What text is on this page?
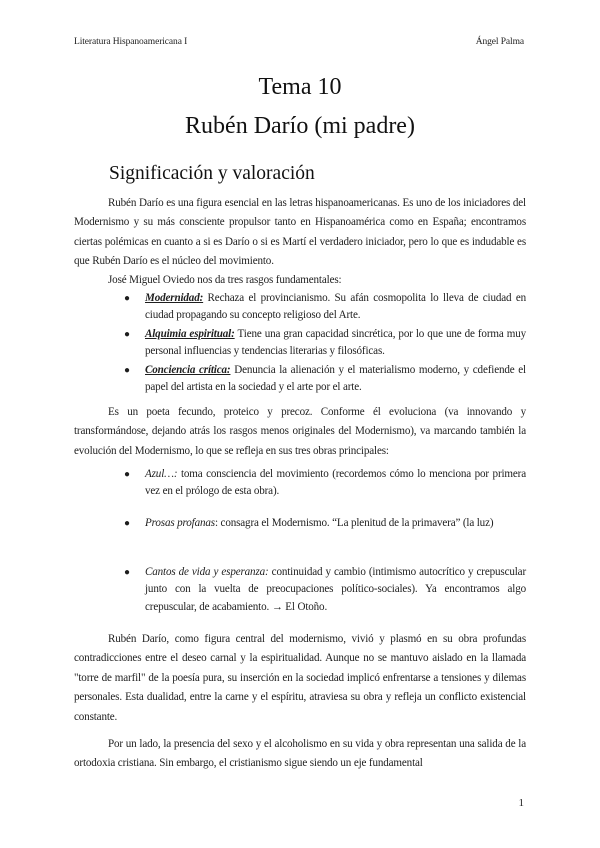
Literatura Hispanoamericana I	Ángel Palma
Tema 10
Rubén Darío (mi padre)
Significación y valoración

Rubén Darío es una figura esencial en las letras hispanoamericanas. Es uno de los iniciadores del Modernismo y su más consciente propulsor tanto en Hispanoamérica como en España; encontramos ciertas polémicas en cuanto a si es Darío o si es Martí el verdadero iniciador, pero lo que es indudable es que Rubén Darío es el núcleo del movimiento.

José Miguel Oviedo nos da tres rasgos fundamentales:
● Modernidad: Rechaza el provincianismo. Su afán cosmopolita lo lleva de ciudad en ciudad propagando su concepto religioso del Arte.
● Alquimia espiritual: Tiene una gran capacidad sincrética, por lo que une de forma muy personal influencias y tendencias literarias y filosóficas.
● Conciencia crítica: Denuncia la alienación y el materialismo moderno, y cdefiende el papel del artista en la sociedad y el arte por el arte.

Es un poeta fecundo, proteico y precoz. Conforme él evoluciona (va innovando y transformándose, dejando atrás los rasgos menos originales del Modernismo), va marcando también la evolución del Modernismo, lo que se refleja en sus tres obras principales:

● Azul…: toma consciencia del movimiento (recordemos cómo lo menciona por primera vez en el prólogo de esta obra).
● Prosas profanas: consagra el Modernismo. “La plenitud de la primavera” (la luz)
● Cantos de vida y esperanza: continuidad y cambio (intimismo autocrítico y crepuscular junto con la vuelta de preocupaciones político-sociales). Ya encontramos algo crepuscular, de acabamiento. → El Otoño.

Rubén Darío, como figura central del modernismo, vivió y plasmó en su obra profundas contradicciones entre el deseo carnal y la espiritualidad. Aunque no se mantuvo aislado en la llamada "torre de marfil" de la poesía pura, su inserción en la sociedad implicó enfrentarse a tensiones y dilemas personales. Esta dualidad, entre la carne y el espíritu, atraviesa su obra y refleja un conflicto existencial constante.

Por un lado, la presencia del sexo y el alcoholismo en su vida y obra representan una salida de la ortodoxia cristiana. Sin embargo, el cristianismo sigue siendo un eje fundamental

1
